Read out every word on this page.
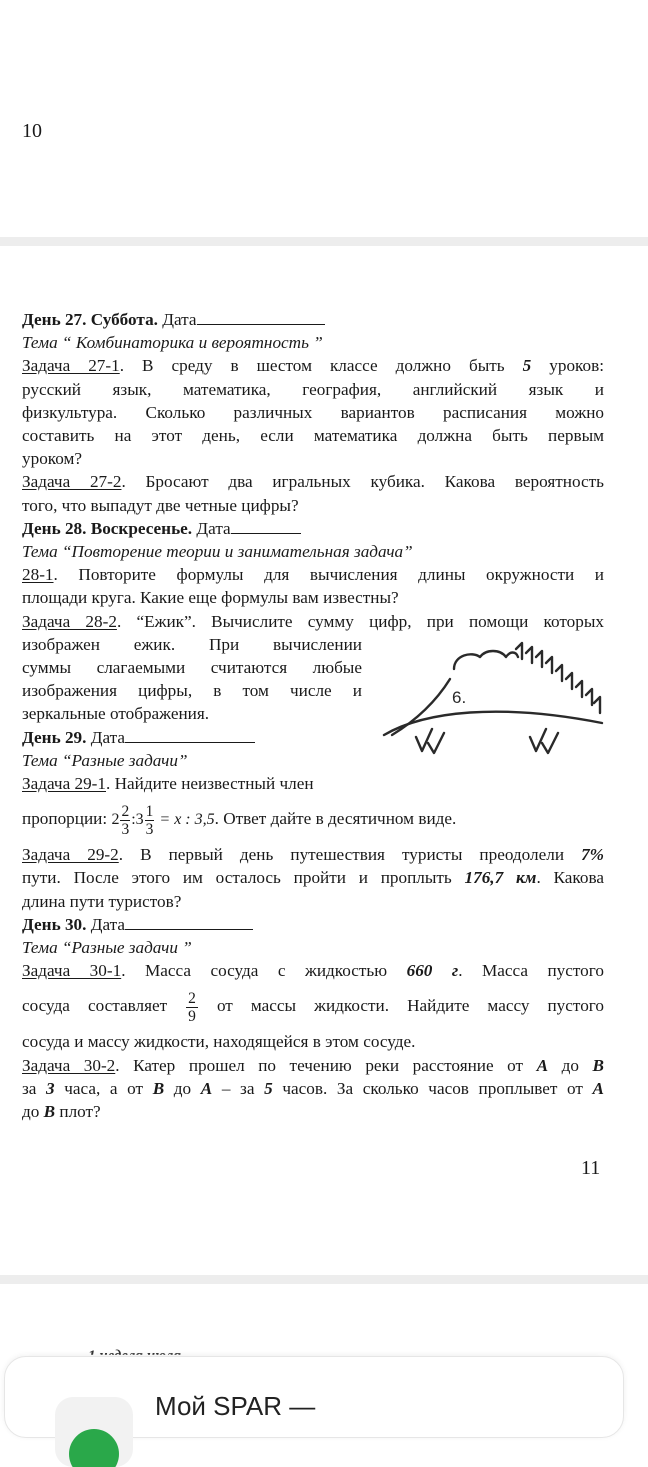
10
День 27. Суббота. Дата
Тема “ Комбинаторика и вероятность ”
Задача 27-1. В среду в шестом классе должно быть 5 уроков:
русский язык, математика, география, английский язык и
физкультура. Сколько различных вариантов расписания можно
составить на этот день, если математика должна быть первым
уроком?
Задача 27-2. Бросают два игральных кубика. Какова вероятность
того, что выпадут две четные цифры?
День 28. Воскресенье. Дата
Тема “Повторение теории и занимательная задача”
28-1. Повторите формулы для вычисления длины окружности и
площади круга. Какие еще формулы вам известны?
Задача 28-2. “Ежик”. Вычислите сумму цифр, при помощи которых
изображен ежик. При вычислении
суммы слагаемыми считаются любые
изображения цифры, в том числе и
зеркальные отображения.
День 29. Дата
Тема “Разные задачи”
Задача 29-1. Найдите неизвестный член
пропорции: $2 \frac{2}{3}$ :3 $\frac{1}{3} = x$ : 3,5. Ответ дайте в десятичном виде.
Задача 29-2. В первый день путешествия туристы преодолели 7%
пути. После этого им осталось пройти и проплыть 176,7 км. Какова
длина пути туристов?
День 30. Дата
Тема “Разные задачи ”
Задача 30-1. Масса сосуда с жидкостью 660 г. Масса пустого
сосуда составляет $\frac{2}{9}$ от массы жидкости. Найдите массу пустого
сосуда и массу жидкости, находящейся в этом сосуде.
Задача 30-2. Катер прошел по течению реки расстояние от A до B
за 3 часа, а от B до A – за 5 часов. За сколько часов проплывет от A
до B плот?
6.
11
Мой SPAR —
